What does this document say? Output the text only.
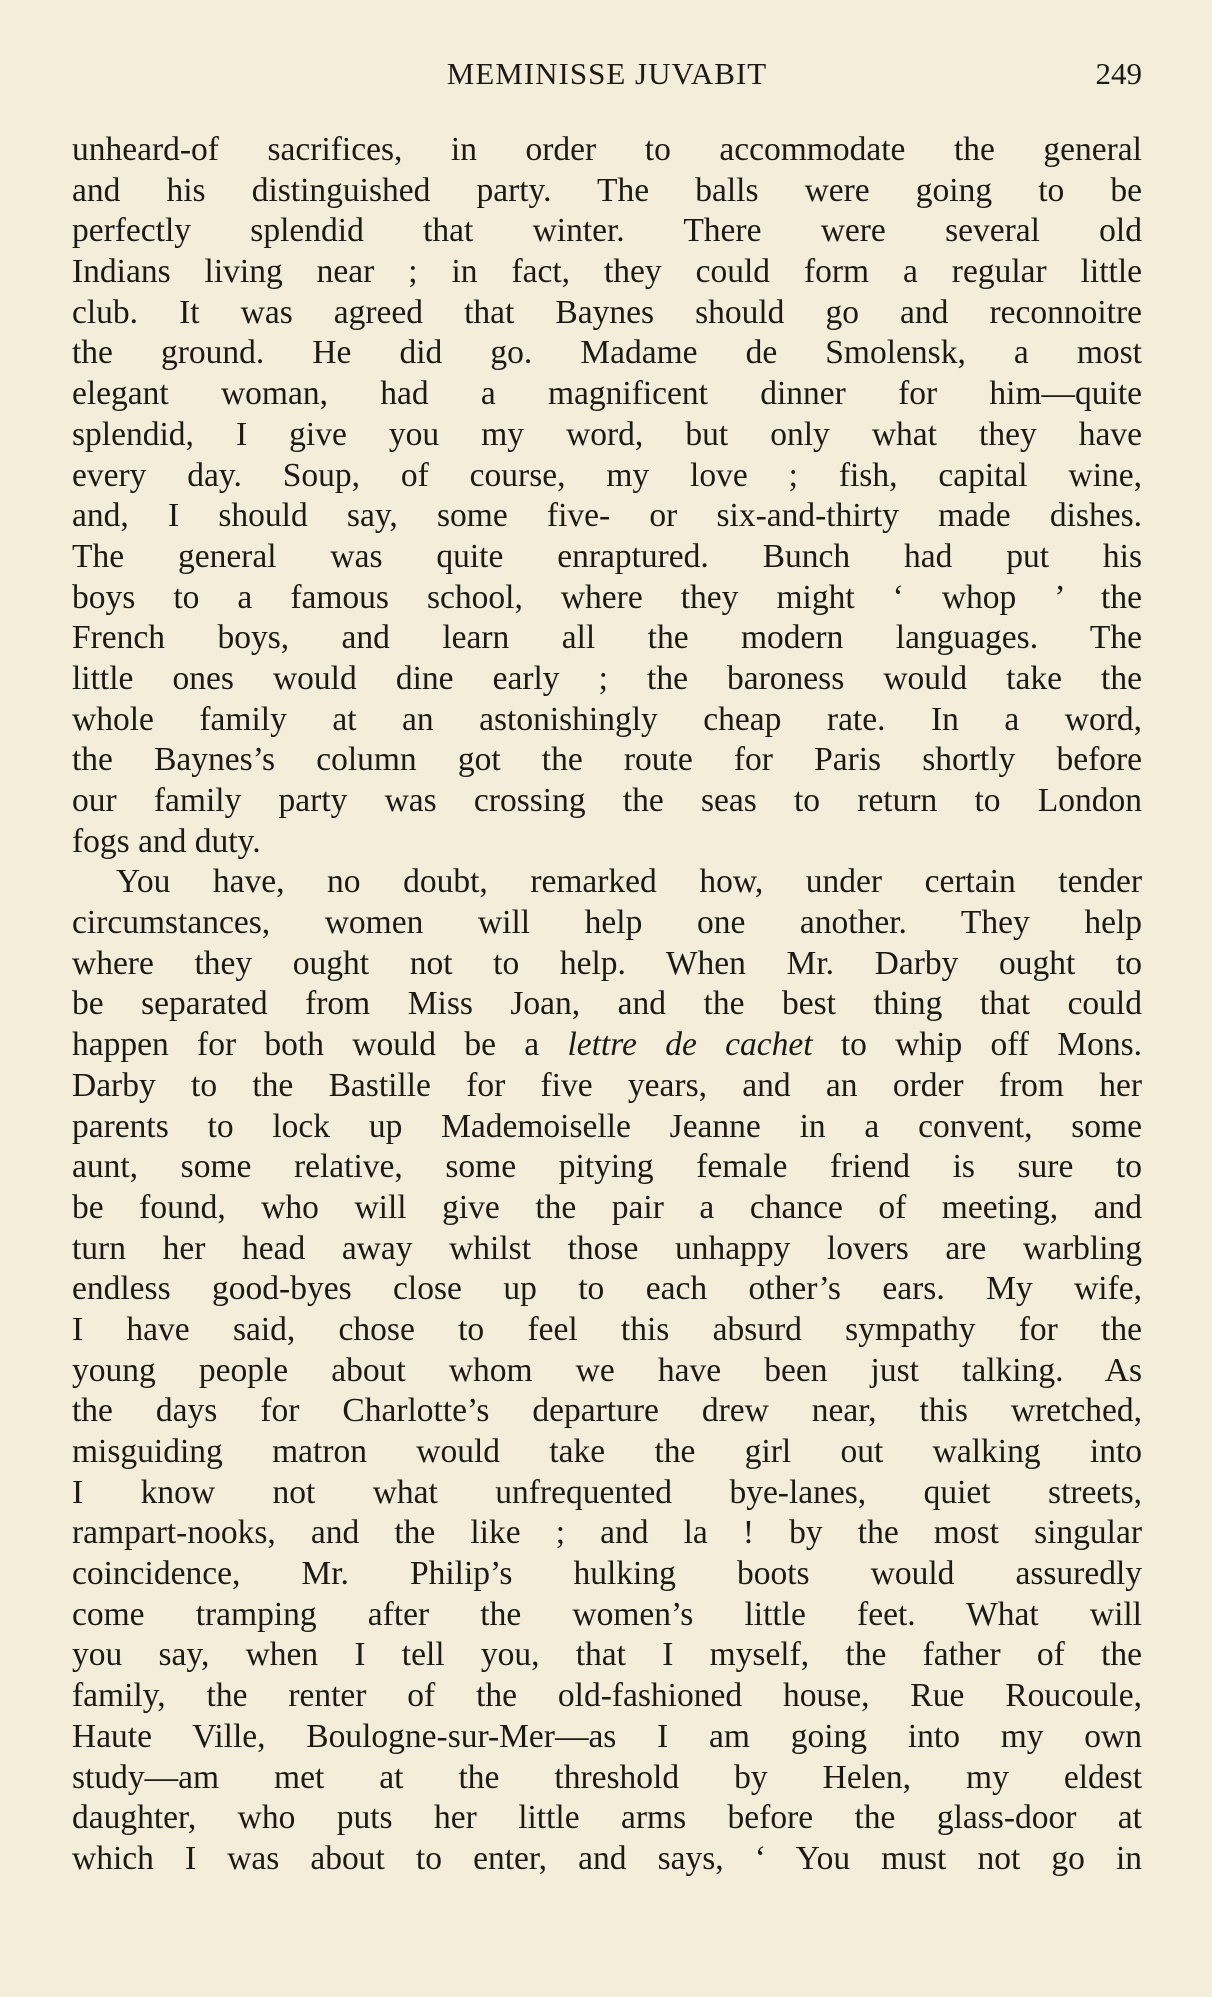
MEMINISSE JUVABIT	249
unheard-of sacrifices, in order to accommodate the general
and his distinguished party. The balls were going to be
perfectly splendid that winter. There were several old
Indians living near ; in fact, they could form a regular little
club. It was agreed that Baynes should go and reconnoitre
the ground. He did go. Madame de Smolensk, a most
elegant woman, had a magnificent dinner for him—quite
splendid, I give you my word, but only what they have
every day. Soup, of course, my love ; fish, capital wine,
and, I should say, some five- or six-and-thirty made dishes.
The general was quite enraptured. Bunch had put his
boys to a famous school, where they might ‘ whop ’ the
French boys, and learn all the modern languages. The
little ones would dine early ; the baroness would take the
whole family at an astonishingly cheap rate. In a word,
the Baynes’s column got the route for Paris shortly before
our family party was crossing the seas to return to London
fogs and duty.
You have, no doubt, remarked how, under certain tender
circumstances, women will help one another. They help
where they ought not to help. When Mr. Darby ought to
be separated from Miss Joan, and the best thing that could
happen for both would be a lettre de cachet to whip off Mons.
Darby to the Bastille for five years, and an order from her
parents to lock up Mademoiselle Jeanne in a convent, some
aunt, some relative, some pitying female friend is sure to
be found, who will give the pair a chance of meeting, and
turn her head away whilst those unhappy lovers are warbling
endless good-byes close up to each other’s ears. My wife,
I have said, chose to feel this absurd sympathy for the
young people about whom we have been just talking. As
the days for Charlotte’s departure drew near, this wretched,
misguiding matron would take the girl out walking into
I know not what unfrequented bye-lanes, quiet streets,
rampart-nooks, and the like ; and la ! by the most singular
coincidence, Mr. Philip’s hulking boots would assuredly
come tramping after the women’s little feet. What will
you say, when I tell you, that I myself, the father of the
family, the renter of the old-fashioned house, Rue Roucoule,
Haute Ville, Boulogne-sur-Mer—as I am going into my own
study—am met at the threshold by Helen, my eldest
daughter, who puts her little arms before the glass-door at
which I was about to enter, and says, ‘ You must not go in
